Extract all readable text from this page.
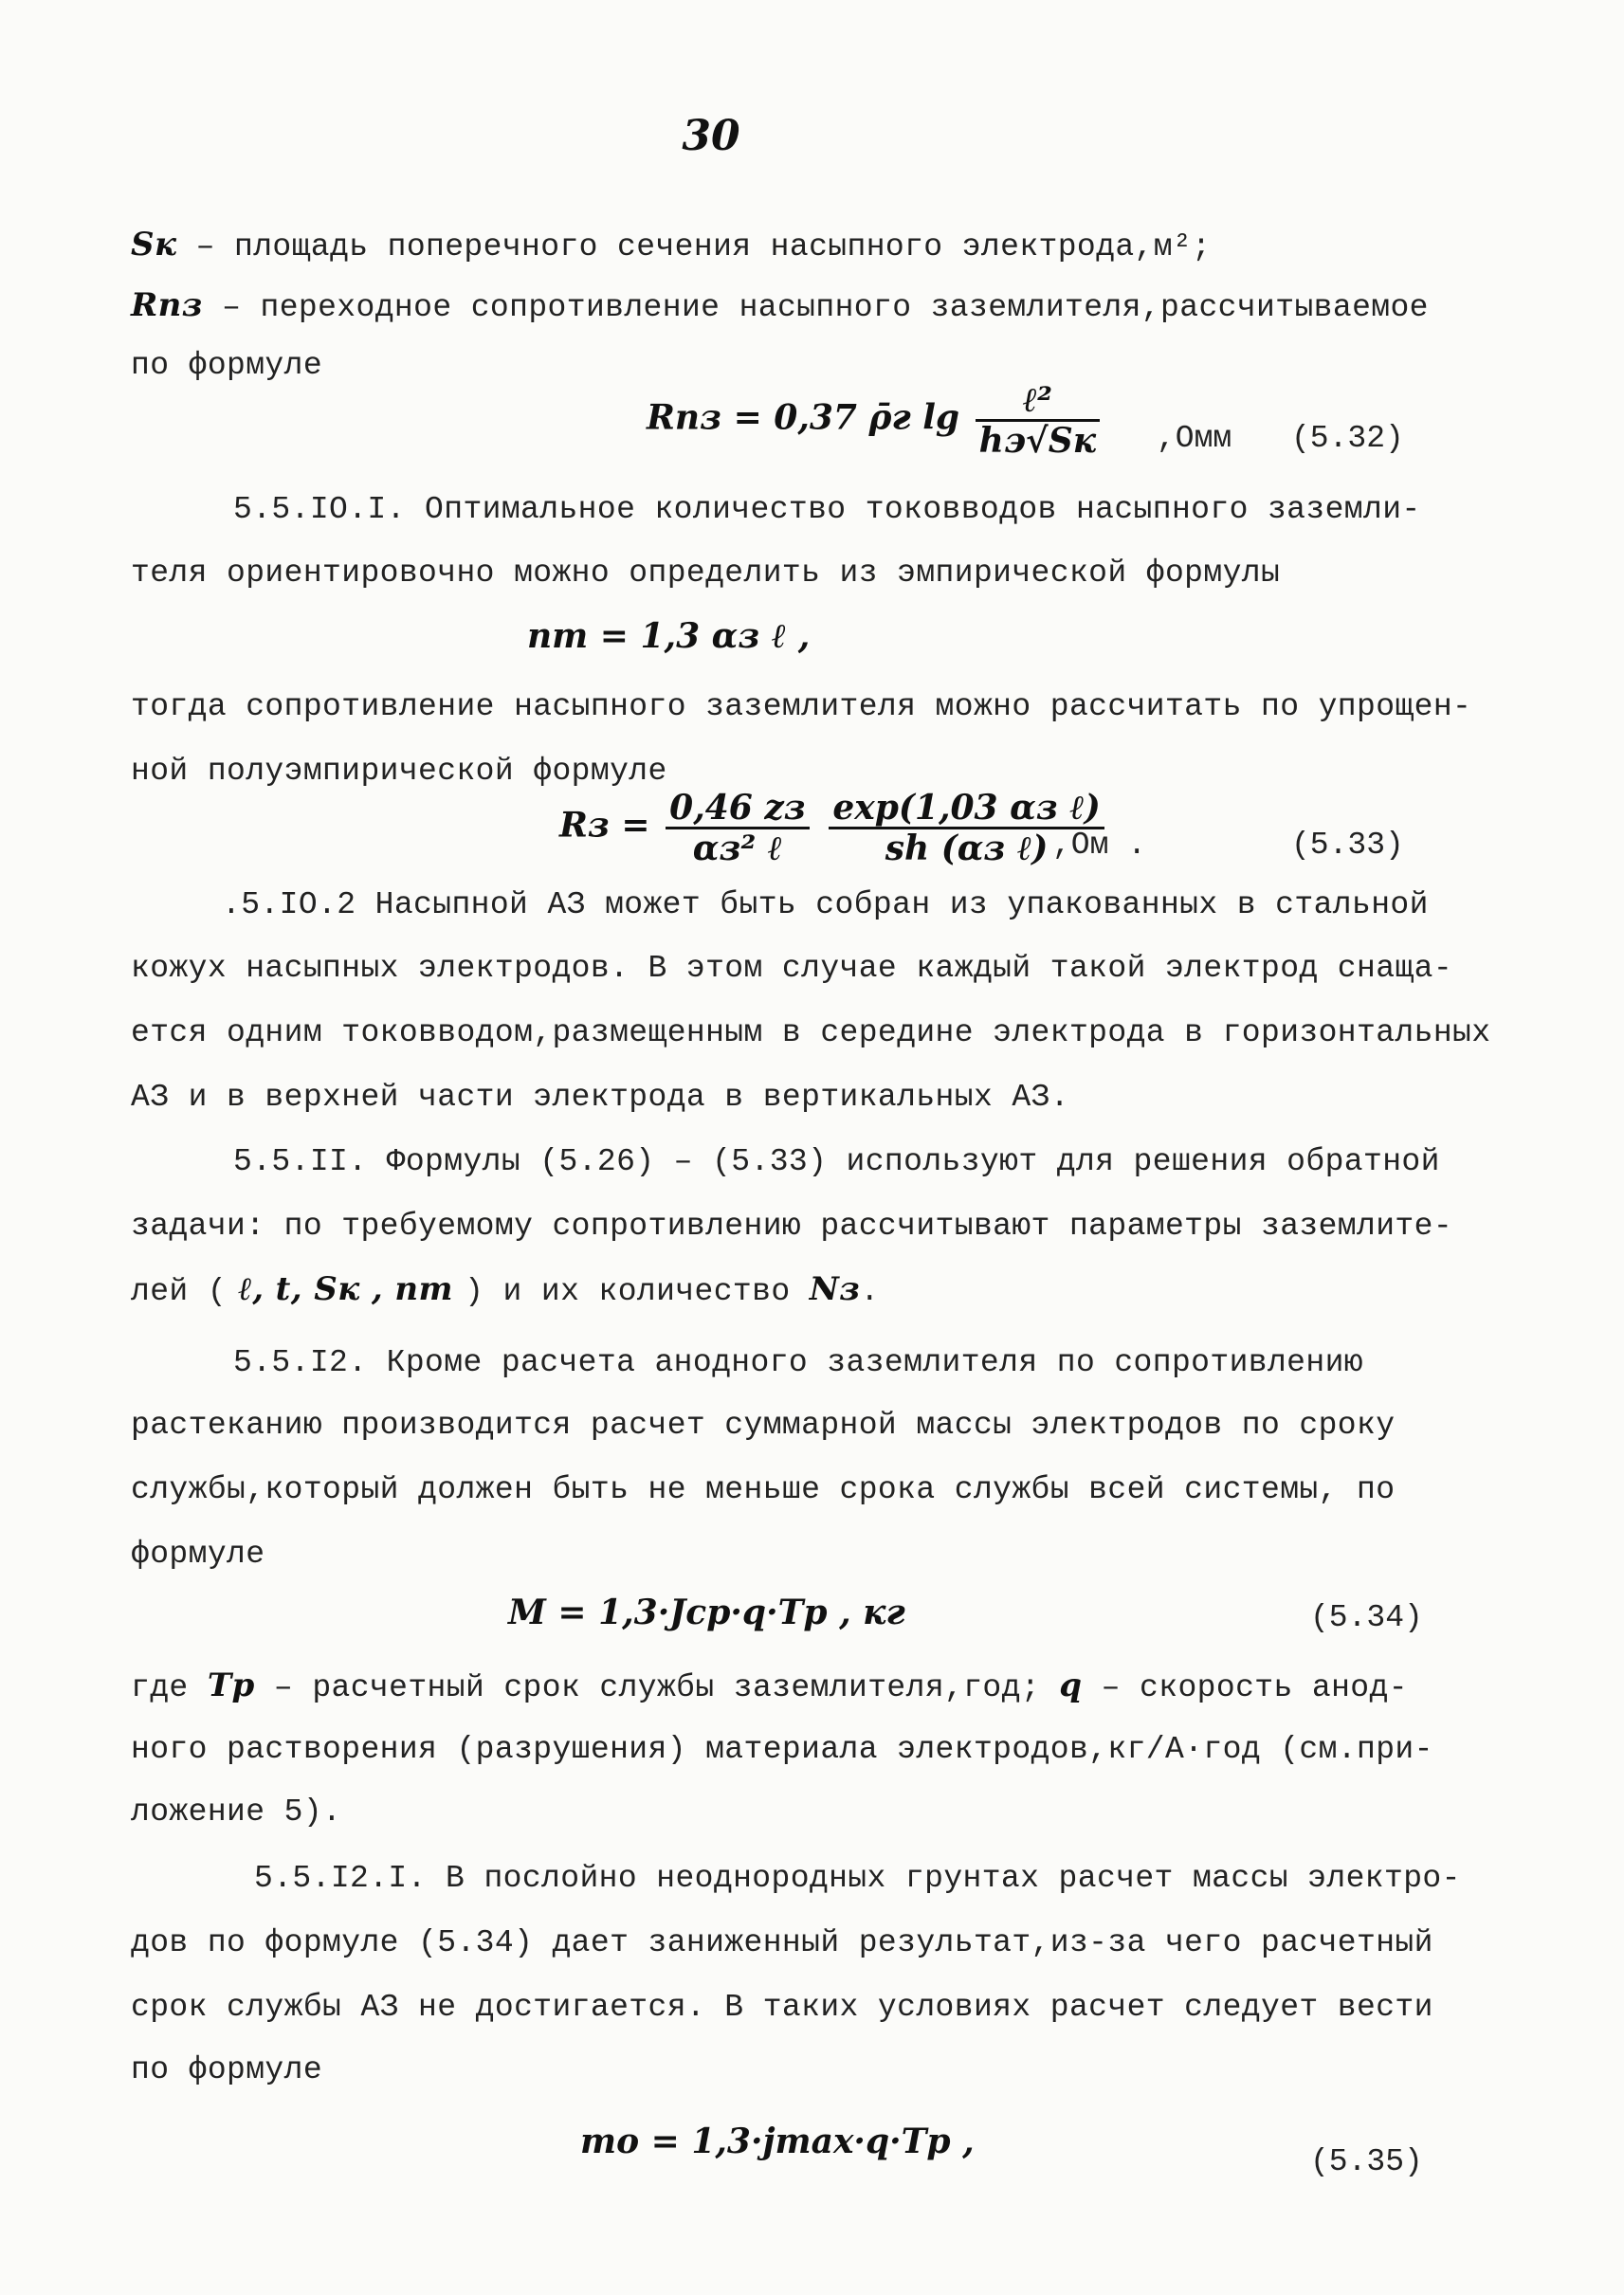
30
Sк – площадь поперечного сечения насыпного электрода,м²;
Rпз – переходное сопротивление насыпного заземлителя,рассчитываемое
по формуле
Rпз = 0,37 ρ̄г $\lg \frac{\text{ℓ²}}{hэ√Sк} ,Омм$ (5.32)
5.5.IO.I. Оптимальное количество токовводов насыпного заземли-
теля ориентировочно можно определить из эмпирической формулы
nт = 1,3 αз ℓ ,
тогда сопротивление насыпного заземлителя можно рассчитать по упрощен-
ной полуэмпирической формуле
Rз = $\frac{0,46 zз}{\text{αз² ℓ}}$
$\frac{\text{exp(1,03 αз ℓ)}}{\text{sh (αз ℓ)}}$
,Ом .	(5.33)
.5.IO.2 Насыпной АЗ может быть собран из упакованных в стальной
кожух насыпных электродов. В этом случае каждый такой электрод снаща-
ется одним токовводом,размещенным в середине электрода в горизонтальных
АЗ и в верхней части электрода в вертикальных АЗ.
5.5.II. Формулы (5.26) – (5.33) используют для решения обратной
задачи: по требуемому сопротивлению рассчитывают параметры заземлите-
лей ( ℓ, t, Sк , nт ) и их количество Nз.
5.5.I2. Кроме расчета анодного заземлителя по сопротивлению
растеканию производится расчет суммарной массы электродов по сроку
службы,который должен быть не меньше срока службы всей системы, по
формуле
M = 1,3·Jср·q·Tр , кг	(5.34)
где Tр – расчетный срок службы заземлителя,год; q – скорость анод-
ного растворения (разрушения) материала электродов,кг/А·год (см.при-
ложение 5).
5.5.I2.I. В послойно неоднородных грунтах расчет массы электро-
дов по формуле (5.34) дает заниженный результат,из-за чего расчетный
срок службы АЗ не достигается. В таких условиях расчет следует вести
по формуле
mо = 1,3·jmax·q·Tр ,
(5.35)
